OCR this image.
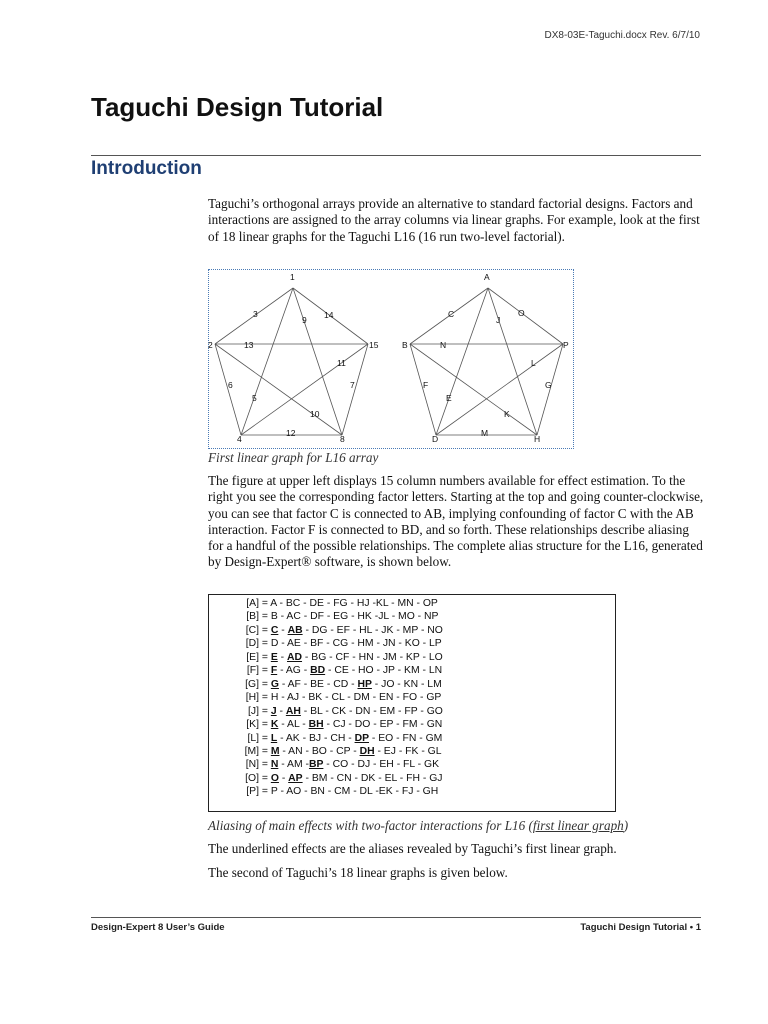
DX8-03E-Taguchi.docx Rev. 6/7/10
Taguchi Design Tutorial
Introduction

Taguchi’s orthogonal arrays provide an alternative to standard factorial designs. Factors and interactions are assigned to the array columns via linear graphs. For example, look at the first of 18 linear graphs for the Taguchi L16 (16 run two-level factorial).

1
2	15
4	8
3	14
9
13
11
7
6
5
10
12
A
B	P
D	H
C	O
J
N
L
G
F
E
K
M

First linear graph for L16 array

The figure at upper left displays 15 column numbers available for effect estimation. To the right you see the corresponding factor letters. Starting at the top and going counter-clockwise, you can see that factor C is connected to AB, implying confounding of factor C with the AB interaction. Factor F is connected to BD, and so forth. These relationships describe aliasing for a handful of the possible relationships. The complete alias structure for the L16, generated by Design-Expert® software, is shown below.

[A] = A - BC - DE - FG - HJ -KL - MN - OP
[B] = B - AC - DF - EG - HK -JL - MO - NP
[C] = C - AB - DG - EF - HL - JK - MP - NO
[D] = D - AE - BF - CG - HM - JN - KO - LP
[E] = E - AD - BG - CF - HN - JM - KP - LO
[F] = F - AG - BD - CE - HO - JP - KM - LN
[G] = G - AF - BE - CD - HP - JO - KN - LM
[H] = H - AJ - BK - CL - DM - EN - FO - GP
[J] = J - AH - BL - CK - DN - EM - FP - GO
[K] = K - AL - BH - CJ - DO - EP - FM - GN
[L] = L - AK - BJ - CH - DP - EO - FN - GM
[M] = M - AN - BO - CP - DH - EJ - FK - GL
[N] = N - AM -BP - CO - DJ - EH - FL - GK
[O] = O - AP - BM - CN - DK - EL - FH - GJ
[P] = P - AO - BN - CM - DL -EK - FJ - GH

Aliasing of main effects with two-factor interactions for L16 (first linear graph)

The underlined effects are the aliases revealed by Taguchi’s first linear graph.

The second of Taguchi’s 18 linear graphs is given below.

Design-Expert 8 User’s Guide	Taguchi Design Tutorial • 1
